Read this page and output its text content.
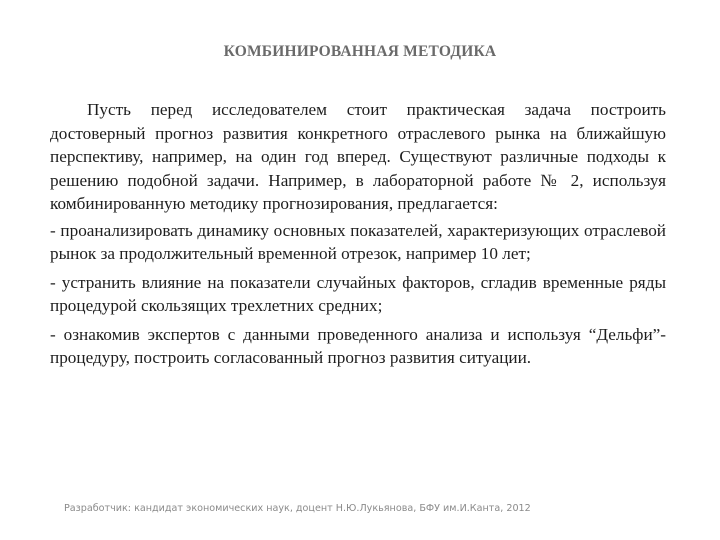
КОМБИНИРОВАННАЯ МЕТОДИКА

Пусть перед исследователем стоит практическая задача построить достоверный прогноз развития конкретного отраслевого рынка на ближайшую перспективу, например, на один год вперед. Существуют различные подходы к решению подобной задачи. Например, в лабораторной работе № 2, используя комбинированную методику прогнозирования, предлагается:

- проанализировать динамику основных показателей, характеризующих отраслевой рынок за продолжительный временной отрезок, например 10 лет;

- устранить влияние на показатели случайных факторов, сгладив временные ряды процедурой скользящих трехлетних средних;

- ознакомив экспертов с данными проведенного анализа и используя “Дельфи”-процедуру, построить согласованный прогноз развития ситуации.

Разработчик: кандидат экономических наук, доцент Н.Ю.Лукьянова, БФУ им.И.Канта, 2012
